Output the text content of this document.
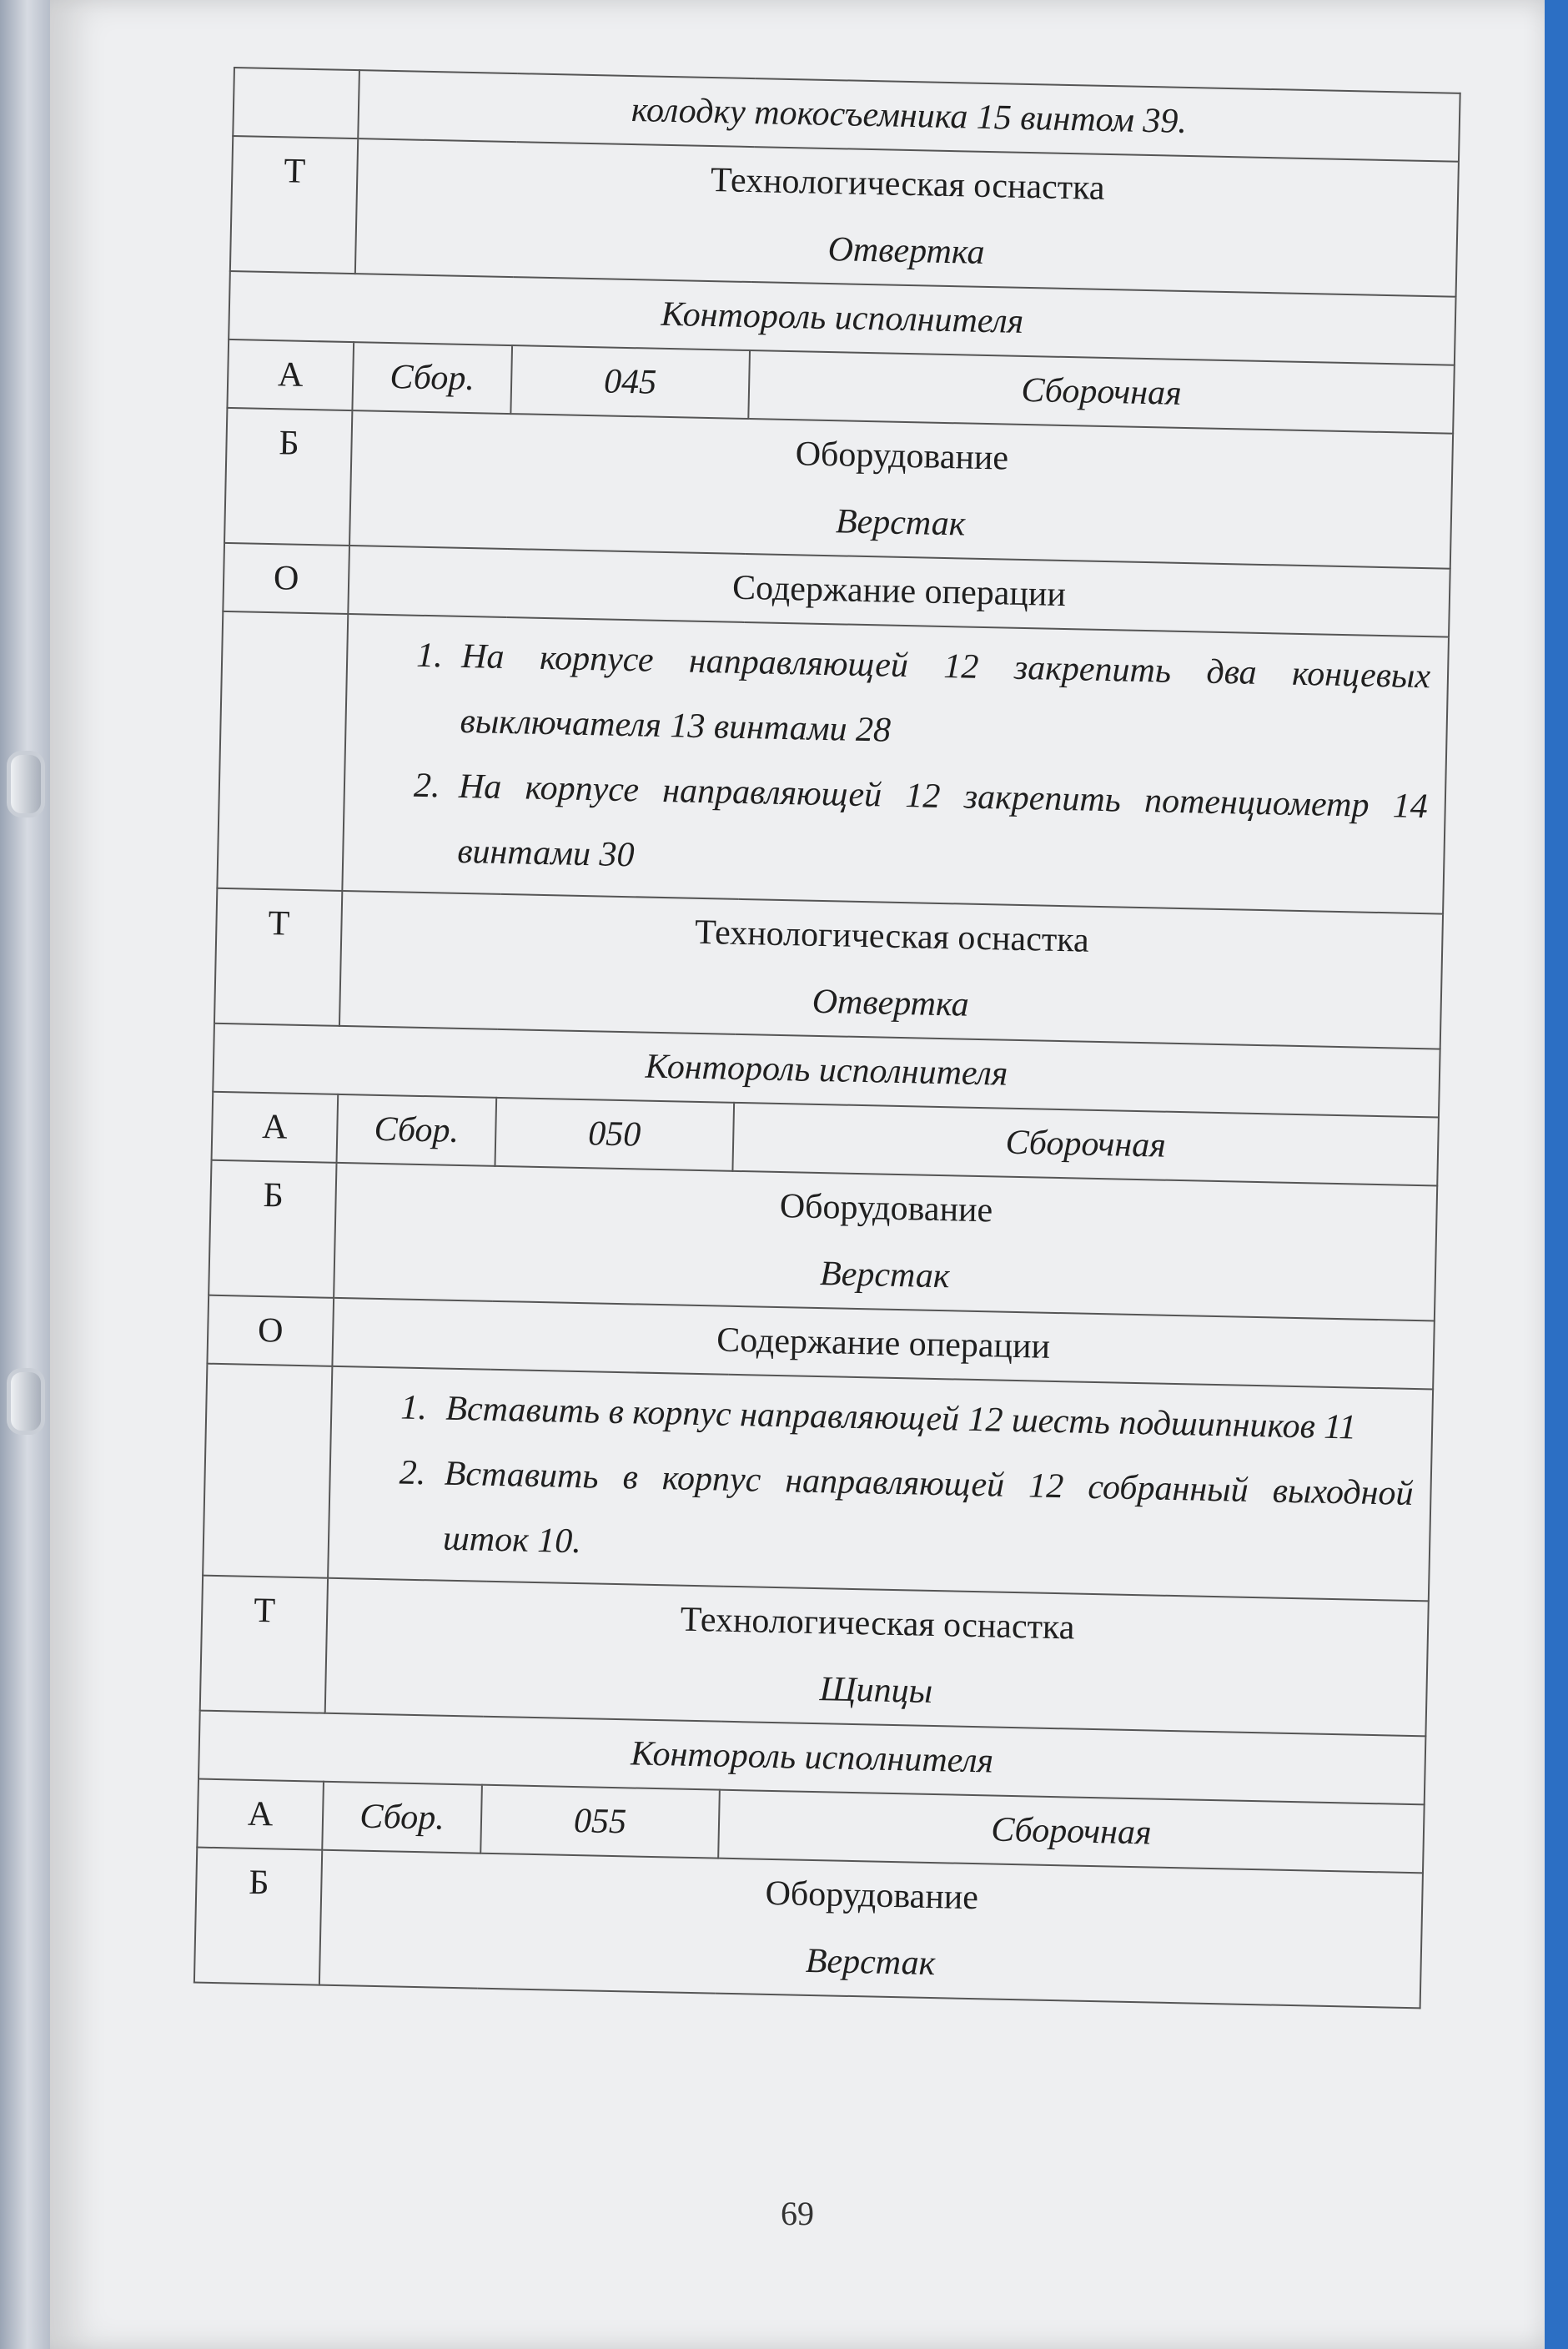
	колодку токосъемника 15 винтом 39.		
Т	Технологическая оснастка
Отвертка		

Контороль исполнителя			
А	Сбор.	045	Сборочная
Б	Оборудование
Верстак		

О	Содержание операции		

	1. На корпусе направляющей 12 закрепить два концевых выключателя 13 винтами 28
2. На корпусе направляющей 12 закрепить потенциометр 14 винтами 30		

Т	Технологическая оснастка
Отвертка		

Контороль исполнителя			
А	Сбор.	050	Сборочная
Б	Оборудование
Верстак		

О	Содержание операции		

	1. Вставить в корпус направляющей 12 шесть подшипников 11
2. Вставить в корпус направляющей 12 собранный выходной шток 10.		

Т	Технологическая оснастка
Щипцы		

Контороль исполнителя			
А	Сбор.	055	Сборочная
Б	Оборудование
Верстак		
69
